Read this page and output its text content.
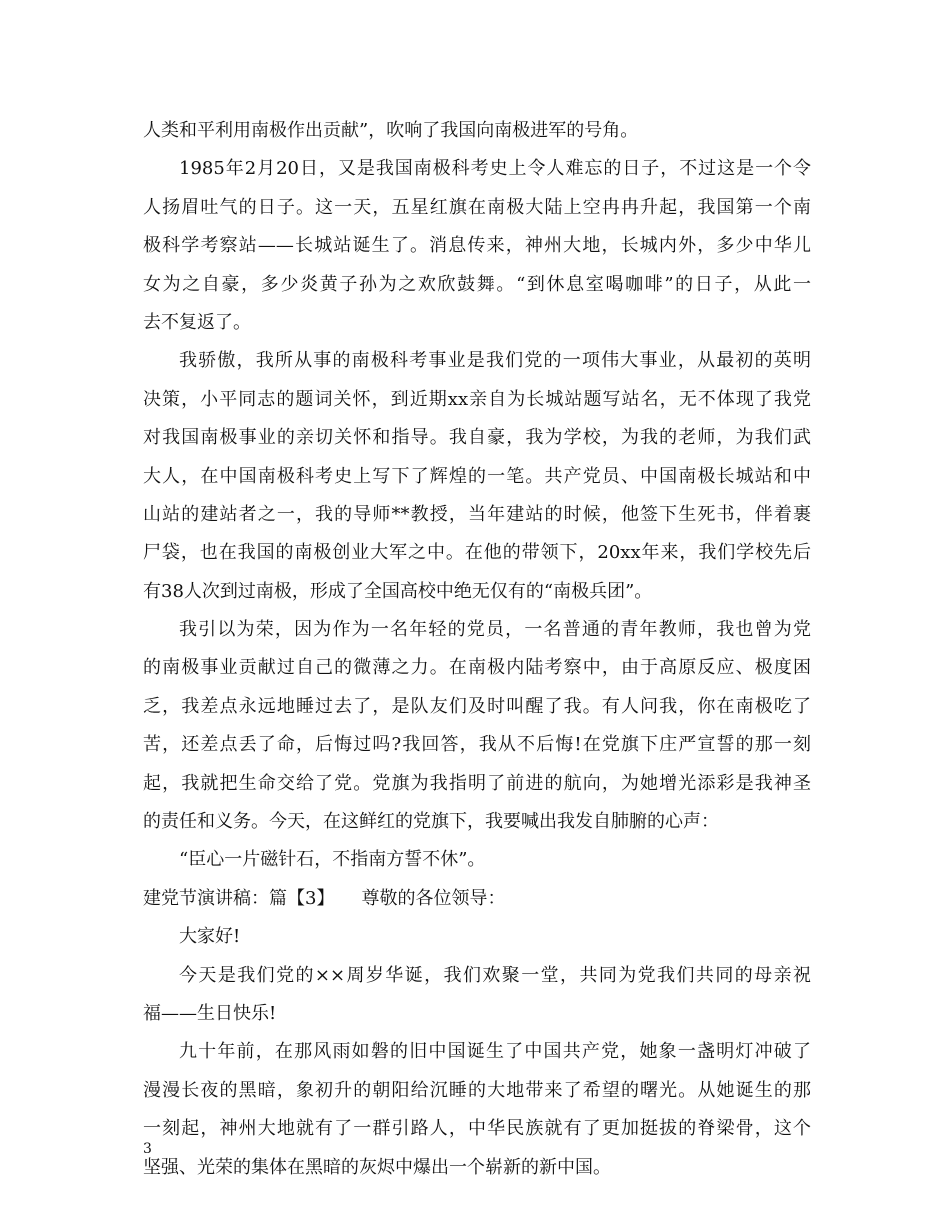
人类和平利用南极作出贡献”，吹响了我国向南极进军的号角。
1985年2月20日，又是我国南极科考史上令人难忘的日子，不过这是一个令
人扬眉吐气的日子。这一天，五星红旗在南极大陆上空冉冉升起，我国第一个南
极科学考察站——长城站诞生了。消息传来，神州大地，长城内外，多少中华儿
女为之自豪，多少炎黄子孙为之欢欣鼓舞。“到休息室喝咖啡”的日子，从此一
去不复返了。
我骄傲，我所从事的南极科考事业是我们党的一项伟大事业，从最初的英明
决策，小平同志的题词关怀，到近期xx亲自为长城站题写站名，无不体现了我党
对我国南极事业的亲切关怀和指导。我自豪，我为学校，为我的老师，为我们武
大人，在中国南极科考史上写下了辉煌的一笔。共产党员、中国南极长城站和中
山站的建站者之一，我的导师**教授，当年建站的时候，他签下生死书，伴着裹
尸袋，也在我国的南极创业大军之中。在他的带领下，20xx年来，我们学校先后
有38人次到过南极，形成了全国高校中绝无仅有的“南极兵团”。
我引以为荣，因为作为一名年轻的党员，一名普通的青年教师，我也曾为党
的南极事业贡献过自己的微薄之力。在南极内陆考察中，由于高原反应、极度困
乏，我差点永远地睡过去了，是队友们及时叫醒了我。有人问我，你在南极吃了
苦，还差点丢了命，后悔过吗?我回答，我从不后悔!在党旗下庄严宣誓的那一刻
起，我就把生命交给了党。党旗为我指明了前进的航向，为她增光添彩是我神圣
的责任和义务。今天，在这鲜红的党旗下，我要喊出我发自肺腑的心声：
“臣心一片磁针石，不指南方誓不休”。
建党节演讲稿：篇【3】　　尊敬的各位领导：
大家好!
今天是我们党的××周岁华诞，我们欢聚一堂，共同为党我们共同的母亲祝
福——生日快乐!
九十年前，在那风雨如磐的旧中国诞生了中国共产党，她象一盏明灯冲破了
漫漫长夜的黑暗，象初升的朝阳给沉睡的大地带来了希望的曙光。从她诞生的那
一刻起，神州大地就有了一群引路人，中华民族就有了更加挺拔的脊梁骨，这个
坚强、光荣的集体在黑暗的灰烬中爆出一个崭新的新中国。
3
